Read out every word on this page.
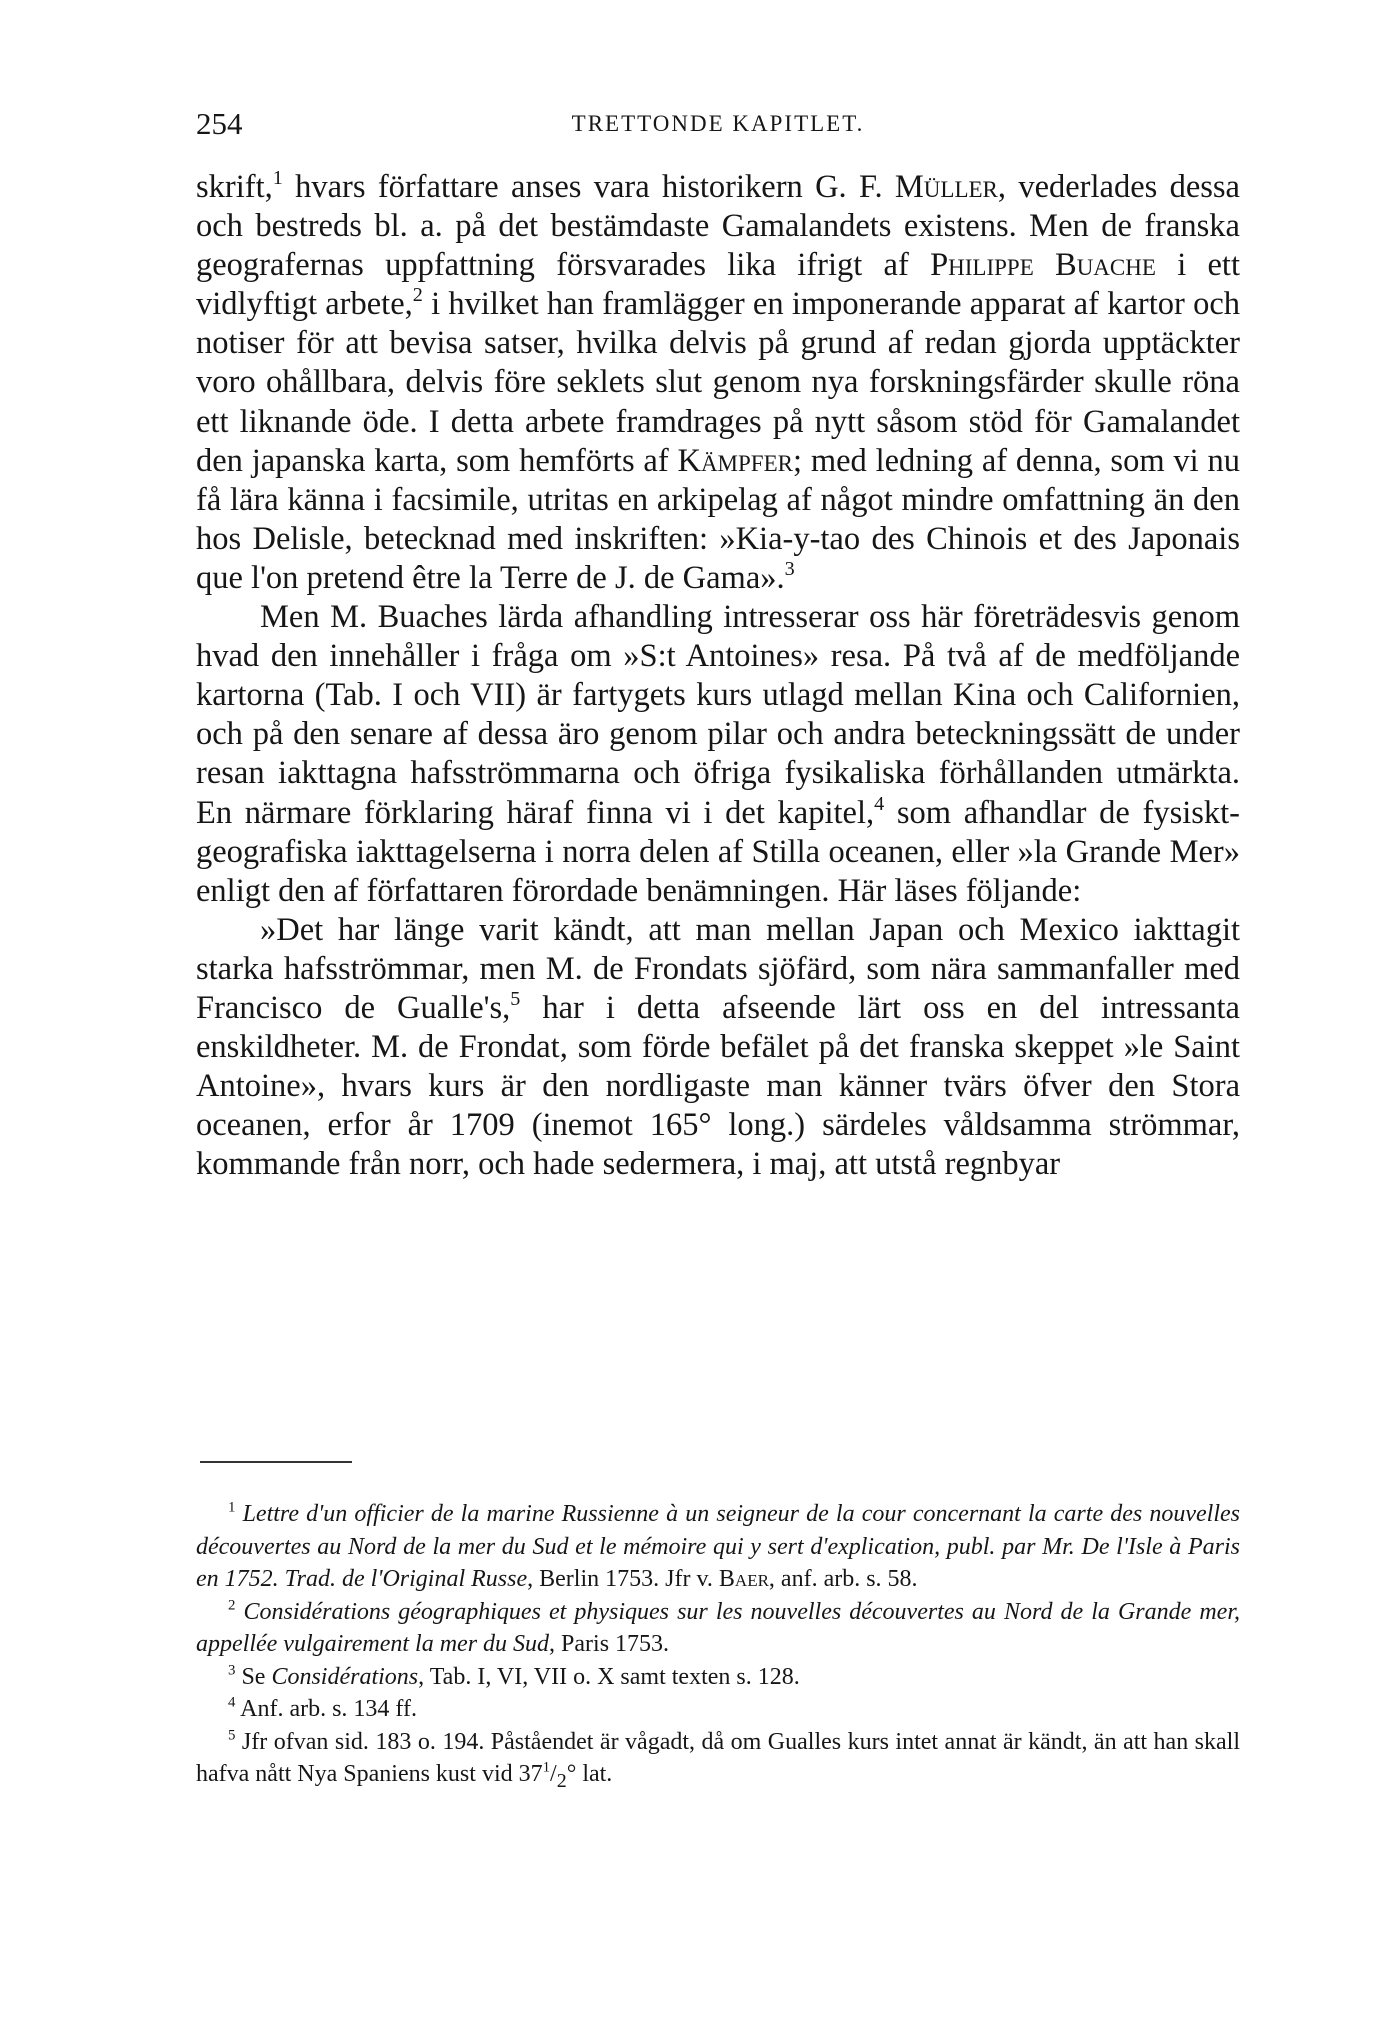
254	TRETTONDE KAPITLET.

skrift,$^1$ hvars författare anses vara historikern G. F. Müller, vederlades dessa och bestreds bl. a. på det bestämdaste Gamalandets existens. Men de franska geografernas uppfattning försvarades lika ifrigt af Philippe Buache i ett vidlyftigt arbete,$^2$ i hvilket han framlägger en imponerande apparat af kartor och notiser för att bevisa satser, hvilka delvis på grund af redan gjorda upptäckter voro ohållbara, delvis före seklets slut genom nya forskningsfärder skulle röna ett liknande öde. I detta arbete framdrages på nytt såsom stöd för Gamalandet den japanska karta, som hemförts af Kämpfer; med ledning af denna, som vi nu få lära känna i facsimile, utritas en arkipelag af något mindre omfattning än den hos Delisle, betecknad med inskriften: »Kia-y-tao des Chinois et des Japonais que l'on pretend être la Terre de J. de Gama».$^3$

Men M. Buaches lärda afhandling intresserar oss här företrädesvis genom hvad den innehåller i fråga om »S:t Antoines» resa. På två af de medföljande kartorna (Tab. I och VII) är fartygets kurs utlagd mellan Kina och Californien, och på den senare af dessa äro genom pilar och andra beteckningssätt de under resan iakttagna hafsströmmarna och öfriga fysikaliska förhållanden utmärkta. En närmare förklaring häraf finna vi i det kapitel,$^4$ som afhandlar de fysiskt-geografiska iakttagelserna i norra delen af Stilla oceanen, eller »la Grande Mer» enligt den af författaren förordade benämningen. Här läses följande:

»Det har länge varit kändt, att man mellan Japan och Mexico iakttagit starka hafsströmmar, men M. de Frondats sjöfärd, som nära sammanfaller med Francisco de Gualle's,$^5$ har i detta afseende lärt oss en del intressanta enskildheter. M. de Frondat, som förde befälet på det franska skeppet »le Saint Antoine», hvars kurs är den nordligaste man känner tvärs öfver den Stora oceanen, erfor år 1709 (inemot 165° long.) särdeles våldsamma strömmar, kommande från norr, och hade sedermera, i maj, att utstå regnbyar

$^1$ Lettre d'un officier de la marine Russienne à un seigneur de la cour concernant la carte des nouvelles découvertes au Nord de la mer du Sud et le mémoire qui y sert d'explication, publ. par Mr. De l'Isle à Paris en 1752. Trad. de l'Original Russe, Berlin 1753. Jfr v. Baer, anf. arb. s. 58.

$^2$ Considérations géographiques et physiques sur les nouvelles découvertes au Nord de la Grande mer, appellée vulgairement la mer du Sud, Paris 1753.

$^3$ Se Considérations, Tab. I, VI, VII o. X samt texten s. 128.

$^4$ Anf. arb. s. 134 ff.

$^5$ Jfr ofvan sid. 183 o. 194. Påståendet är vågadt, då om Gualles kurs intet annat är kändt, än att han skall hafva nått Nya Spaniens kust vid $37^1/_2^\circ$ lat.
